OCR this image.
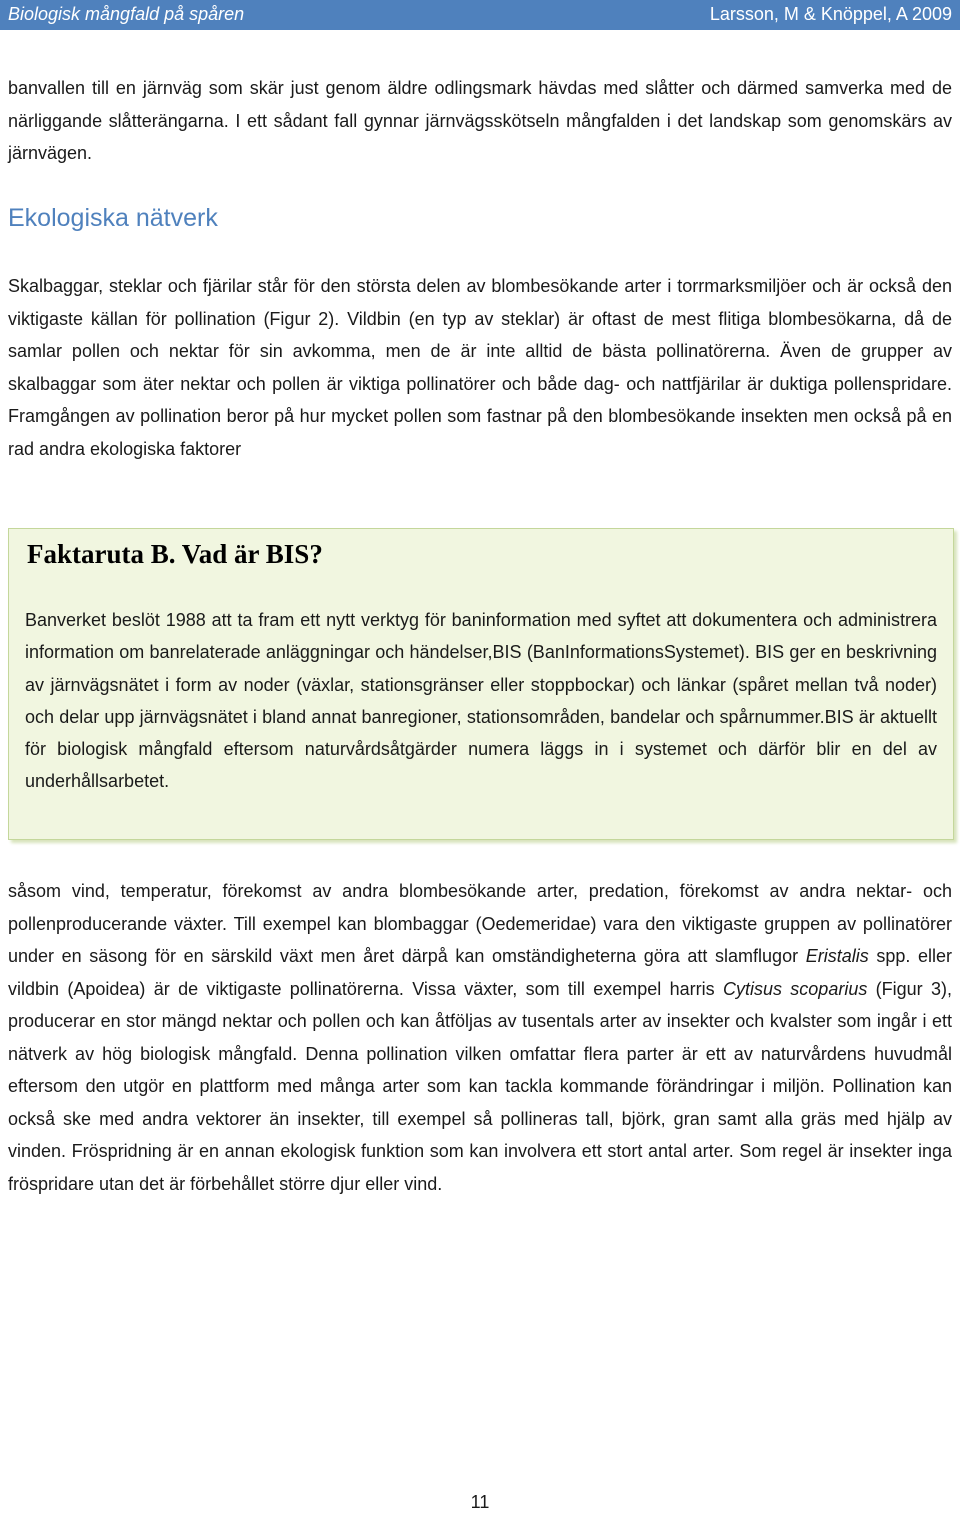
Biologisk mångfald på spåren	Larsson, M & Knöppel, A 2009

banvallen till en järnväg som skär just genom äldre odlingsmark hävdas med slåtter och därmed samverka med de närliggande slåtterängarna. I ett sådant fall gynnar järnvägsskötseln mångfalden i det landskap som genomskärs av järnvägen.

Ekologiska nätverk

Skalbaggar, steklar och fjärilar står för den största delen av blombesökande arter i torrmarksmiljöer och är också den viktigaste källan för pollination (Figur 2). Vildbin (en typ av steklar) är oftast de mest flitiga blombesökarna, då de samlar pollen och nektar för sin avkomma, men de är inte alltid de bästa pollinatörerna. Även de grupper av skalbaggar som äter nektar och pollen är viktiga pollinatörer och både dag- och nattfjärilar är duktiga pollenspridare. Framgången av pollination beror på hur mycket pollen som fastnar på den blombesökande insekten men också på en rad andra ekologiska faktorer

Faktaruta B. Vad är BIS?

Banverket beslöt 1988 att ta fram ett nytt verktyg för baninformation med syftet att dokumentera och administrera information om banrelaterade anläggningar och händelser,BIS (BanInformationsSystemet). BIS ger en beskrivning av järnvägsnätet i form av noder (växlar, stationsgränser eller stoppbockar) och länkar (spåret mellan två noder) och delar upp järnvägsnätet i bland annat banregioner, stationsområden, bandelar och spårnummer.BIS är aktuellt för biologisk mångfald eftersom naturvårdsåtgärder numera läggs in i systemet och därför blir en del av underhållsarbetet.

såsom vind, temperatur, förekomst av andra blombesökande arter, predation, förekomst av andra nektar- och pollenproducerande växter. Till exempel kan blombaggar (Oedemeridae) vara den viktigaste gruppen av pollinatörer under en säsong för en särskild växt men året därpå kan omständigheterna göra att slamflugor Eristalis spp. eller vildbin (Apoidea) är de viktigaste pollinatörerna. Vissa växter, som till exempel harris Cytisus scoparius (Figur 3), producerar en stor mängd nektar och pollen och kan åtföljas av tusentals arter av insekter och kvalster som ingår i ett nätverk av hög biologisk mångfald. Denna pollination vilken omfattar flera parter är ett av naturvårdens huvudmål eftersom den utgör en plattform med många arter som kan tackla kommande förändringar i miljön. Pollination kan också ske med andra vektorer än insekter, till exempel så pollineras tall, björk, gran samt alla gräs med hjälp av vinden. Fröspridning är en annan ekologisk funktion som kan involvera ett stort antal arter. Som regel är insekter inga fröspridare utan det är förbehållet större djur eller vind.

11
